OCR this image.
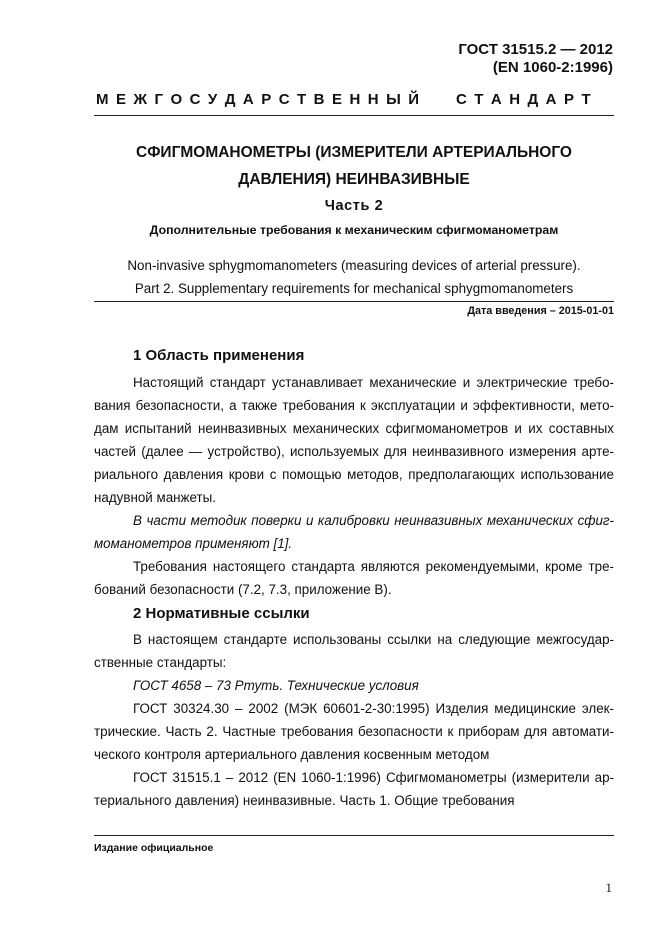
ГОСТ 31515.2 — 2012
(EN 1060-2:1996)
М Е Ж Г О С У Д А Р С Т В Е Н Н Ы Й С Т А Н Д А Р Т
СФИГМОМАНОМЕТРЫ (ИЗМЕРИТЕЛИ АРТЕРИАЛЬНОГО
ДАВЛЕНИЯ) НЕИНВАЗИВНЫЕ
Часть 2
Дополнительные требования к механическим сфигмоманометрам
Non-invasive sphygmomanometers (measuring devices of arterial pressure).
Part 2. Supplementary requirements for mechanical sphygmomanometers
Дата введения – 2015-01-01
1 Область применения
Настоящий стандарт устанавливает механические и электрические требо-
вания безопасности, а также требования к эксплуатации и эффективности, мето-
дам испытаний неинвазивных механических сфигмоманометров и их составных
частей (далее — устройство), используемых для неинвазивного измерения арте-
риального давления крови с помощью методов, предполагающих использование
надувной манжеты.
В части методик поверки и калибровки неинвазивных механических сфиг-
моманометров применяют [1].
Требования настоящего стандарта являются рекомендуемыми, кроме тре-
бований безопасности (7.2, 7.3, приложение В).
2 Нормативные ссылки
В настоящем стандарте использованы ссылки на следующие межгосудар-
ственные стандарты:
ГОСТ 4658 – 73 Ртуть. Технические условия
ГОСТ 30324.30 – 2002 (МЭК 60601-2-30:1995) Изделия медицинские элек-
трические. Часть 2. Частные требования безопасности к приборам для автомати-
ческого контроля артериального давления косвенным методом
ГОСТ 31515.1 – 2012 (EN 1060-1:1996) Сфигмоманометры (измерители ар-
териального давления) неинвазивные. Часть 1. Общие требования
Издание официальное
1
